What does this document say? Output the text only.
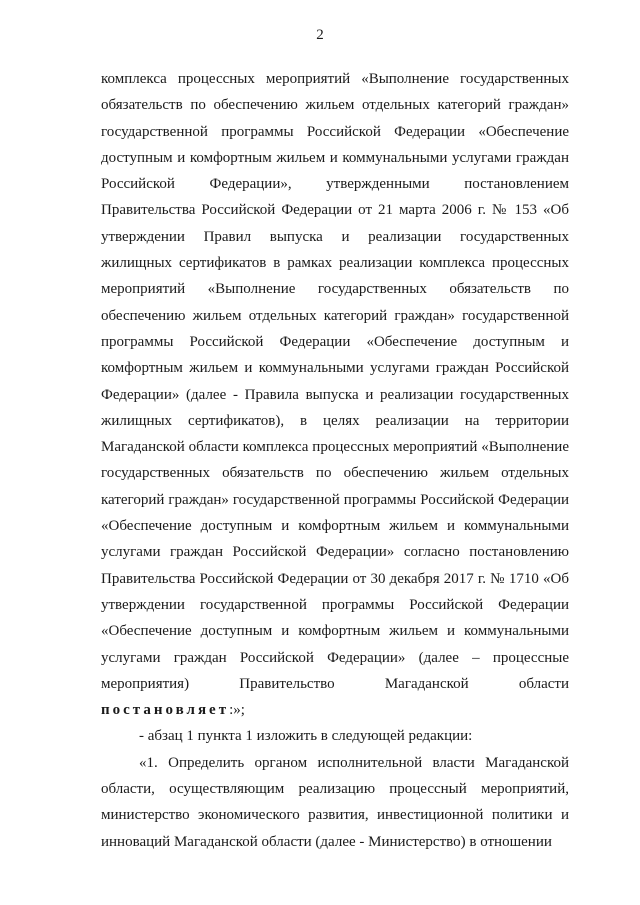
2

комплекса процессных мероприятий «Выполнение государственных обязательств по обеспечению жильем отдельных категорий граждан» государственной программы Российской Федерации «Обеспечение доступным и комфортным жильем и коммунальными услугами граждан Российской Федерации», утвержденными постановлением Правительства Российской Федерации от 21 марта 2006 г. № 153 «Об утверждении Правил выпуска и реализации государственных жилищных сертификатов в рамках реализации комплекса процессных мероприятий «Выполнение государственных обязательств по обеспечению жильем отдельных категорий граждан» государственной программы Российской Федерации «Обеспечение доступным и комфортным жильем и коммунальными услугами граждан Российской Федерации» (далее - Правила выпуска и реализации государственных жилищных сертификатов), в целях реализации на территории Магаданской области комплекса процессных мероприятий «Выполнение государственных обязательств по обеспечению жильем отдельных категорий граждан» государственной программы Российской Федерации «Обеспечение доступным и комфортным жильем и коммунальными услугами граждан Российской Федерации» согласно постановлению Правительства Российской Федерации от 30 декабря 2017 г. № 1710 «Об утверждении государственной программы Российской Федерации «Обеспечение доступным и комфортным жильем и коммунальными услугами граждан Российской Федерации» (далее – процессные мероприятия) Правительство Магаданской области постановляет:»;

- абзац 1 пункта 1 изложить в следующей редакции:

«1. Определить органом исполнительной власти Магаданской области, осуществляющим реализацию процессный мероприятий, министерство экономического развития, инвестиционной политики и инноваций Магаданской области (далее - Министерство) в отношении
